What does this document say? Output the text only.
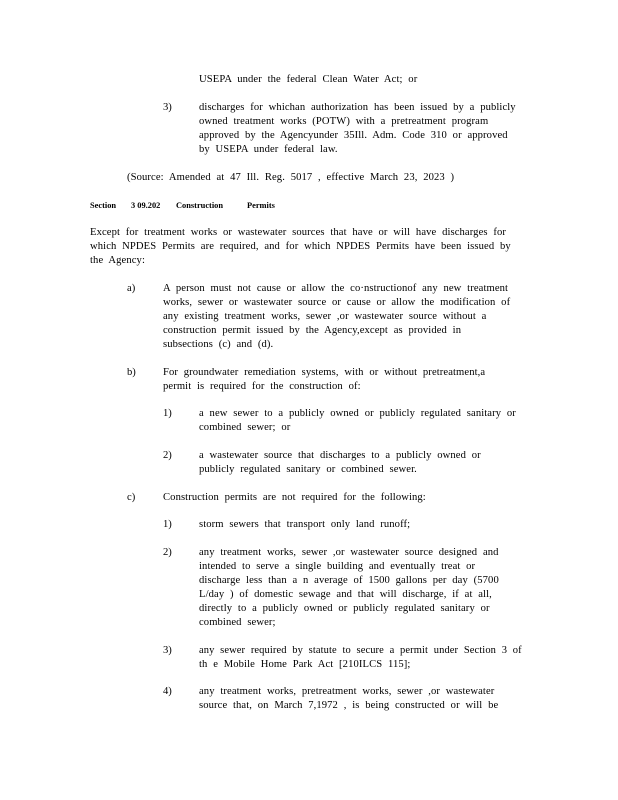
USEPA under the federal Clean Water Act; or
3)	discharges for whichan authorization has been issued by a publicly
owned treatment works (POTW) with a pretreatment program
approved by the Agencyunder 35Ill. Adm. Code 310 or approved
by USEPA under federal law.
(Source: Amended at 47 Ill. Reg. 5017 , effective March 23, 2023 )
Section 3 09.202 Construction	Permits
Except for treatment works or wastewater sources that have or will have discharges for
which NPDES Permits are required, and for which NPDES Permits have been issued by
the Agency:
a)	A person must not cause or allow the co·nstructionof any new treatment
works, sewer or wastewater source or cause or allow the modification of
any existing treatment works, sewer ,or wastewater source without a
construction permit issued by the Agency,except as provided in
subsections (c) and (d).
b)	For groundwater remediation systems, with or without pretreatment,a
permit is required for the construction of:
1)	a new sewer to a publicly owned or publicly regulated sanitary or
combined sewer; or
2)	a wastewater source that discharges to a publicly owned or
publicly regulated sanitary or combined sewer.
c)	Construction permits are not required for the following:
1)	storm sewers that transport only land runoff;
2)	any treatment works, sewer ,or wastewater source designed and
intended to serve a single building and eventually treat or
discharge less than a n average of 1500 gallons per day (5700
L/day ) of domestic sewage and that will discharge, if at all,
directly to a publicly owned or publicly regulated sanitary or
combined sewer;
3)	any sewer required by statute to secure a permit under Section 3 of
th e Mobile Home Park Act [210ILCS 115];
4)	any treatment works, pretreatment works, sewer ,or wastewater
source that, on March 7,1972 , is being constructed or will be
